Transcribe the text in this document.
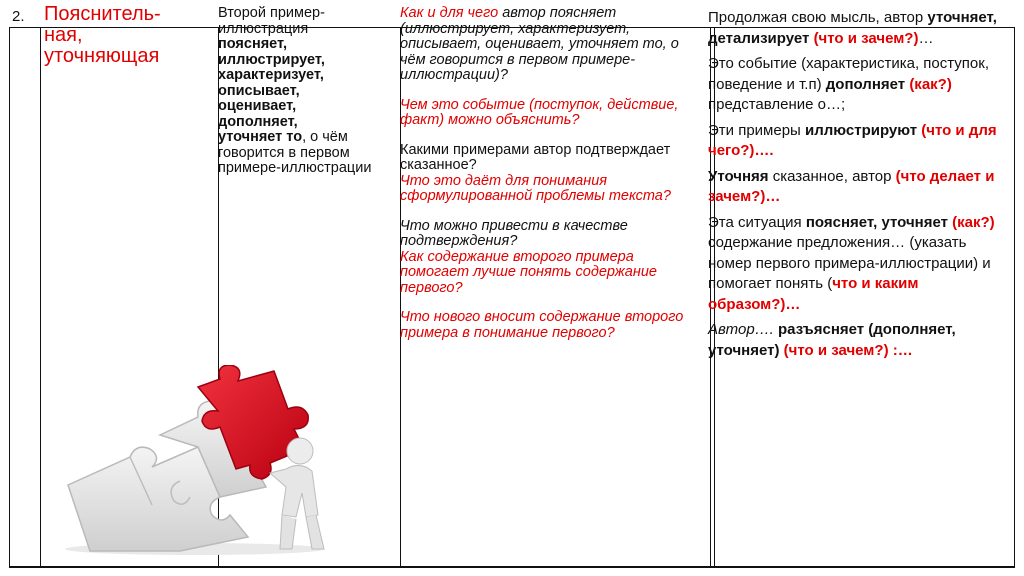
2. Пояснитель-
ная,
уточняющая
Второй пример-иллюстрация
поясняет,
иллюстрирует,
характеризует,
описывает,
оценивает,
дополняет,
уточняет то, о чём говорится в первом примере-иллюстрации
Как и для чего автор поясняет (иллюстрирует, характеризует, описывает, оценивает, уточняет то, о чём говорится в первом примере-иллюстрации)?
Чем это событие (поступок, действие, факт) можно объяснить?
Какими примерами автор подтверждает сказанное?
Что это даёт для понимания сформулированной проблемы текста?
Что можно привести в качестве подтверждения?
Как содержание второго примера помогает лучше понять содержание первого?
Что нового вносит содержание второго примера в понимание первого?
Продолжая свою мысль, автор уточняет, детализирует (что и зачем?)…
Это событие (характеристика, поступок, поведение и т.п) дополняет (как?) представление о…;
Эти примеры иллюстрируют (что и для чего?)….
Уточняя сказанное, автор (что делает и зачем?)…
Эта ситуация поясняет, уточняет (как?) содержание предложения… (указать номер первого примера-иллюстрации) и помогает понять (что и каким образом?)…
Автор…. разъясняет (дополняет, уточняет) (что и зачем?) :…
